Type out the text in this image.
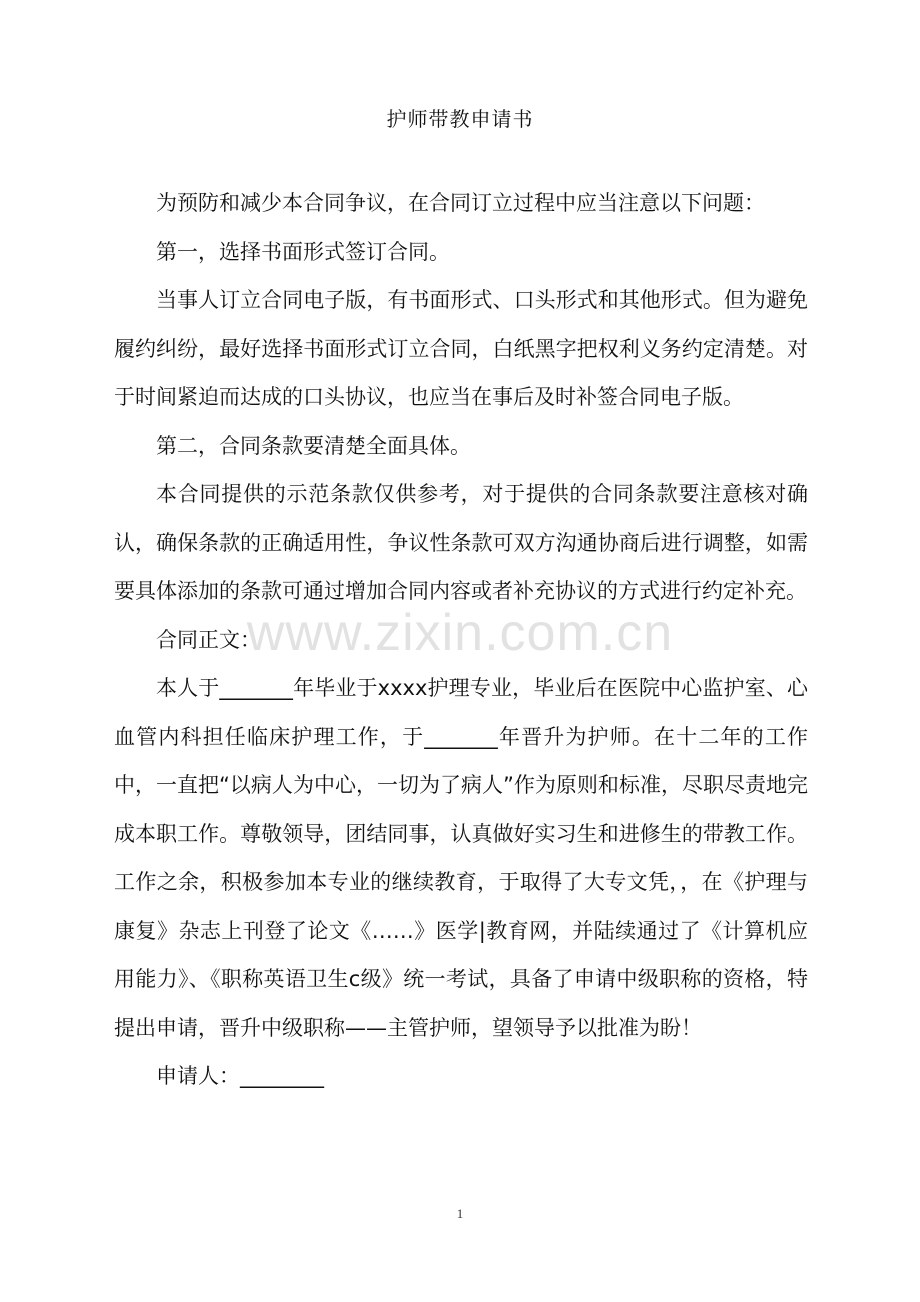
护师带教申请书

为预防和减少本合同争议，在合同订立过程中应当注意以下问题：

第一，选择书面形式签订合同。

当事人订立合同电子版，有书面形式、口头形式和其他形式。但为避免履约纠纷，最好选择书面形式订立合同，白纸黑字把权利义务约定清楚。对于时间紧迫而达成的口头协议，也应当在事后及时补签合同电子版。

第二，合同条款要清楚全面具体。

本合同提供的示范条款仅供参考，对于提供的合同条款要注意核对确认，确保条款的正确适用性，争议性条款可双方沟通协商后进行调整，如需要具体添加的条款可通过增加合同内容或者补充协议的方式进行约定补充。

合同正文：

本人于_______年毕业于xxxx护理专业，毕业后在医院中心监护室、心血管内科担任临床护理工作，于_______年晋升为护师。在十二年的工作中，一直把“以病人为中心，一切为了病人”作为原则和标准，尽职尽责地完成本职工作。尊敬领导，团结同事，认真做好实习生和进修生的带教工作。工作之余，积极参加本专业的继续教育，于取得了大专文凭，，在《护理与康复》杂志上刊登了论文《……》医学|教育网，并陆续通过了《计算机应用能力》、《职称英语卫生c级》统一考试，具备了申请中级职称的资格，特提出申请，晋升中级职称——主管护师，望领导予以批准为盼！

申请人：________

www.zixin.com.cn
1
